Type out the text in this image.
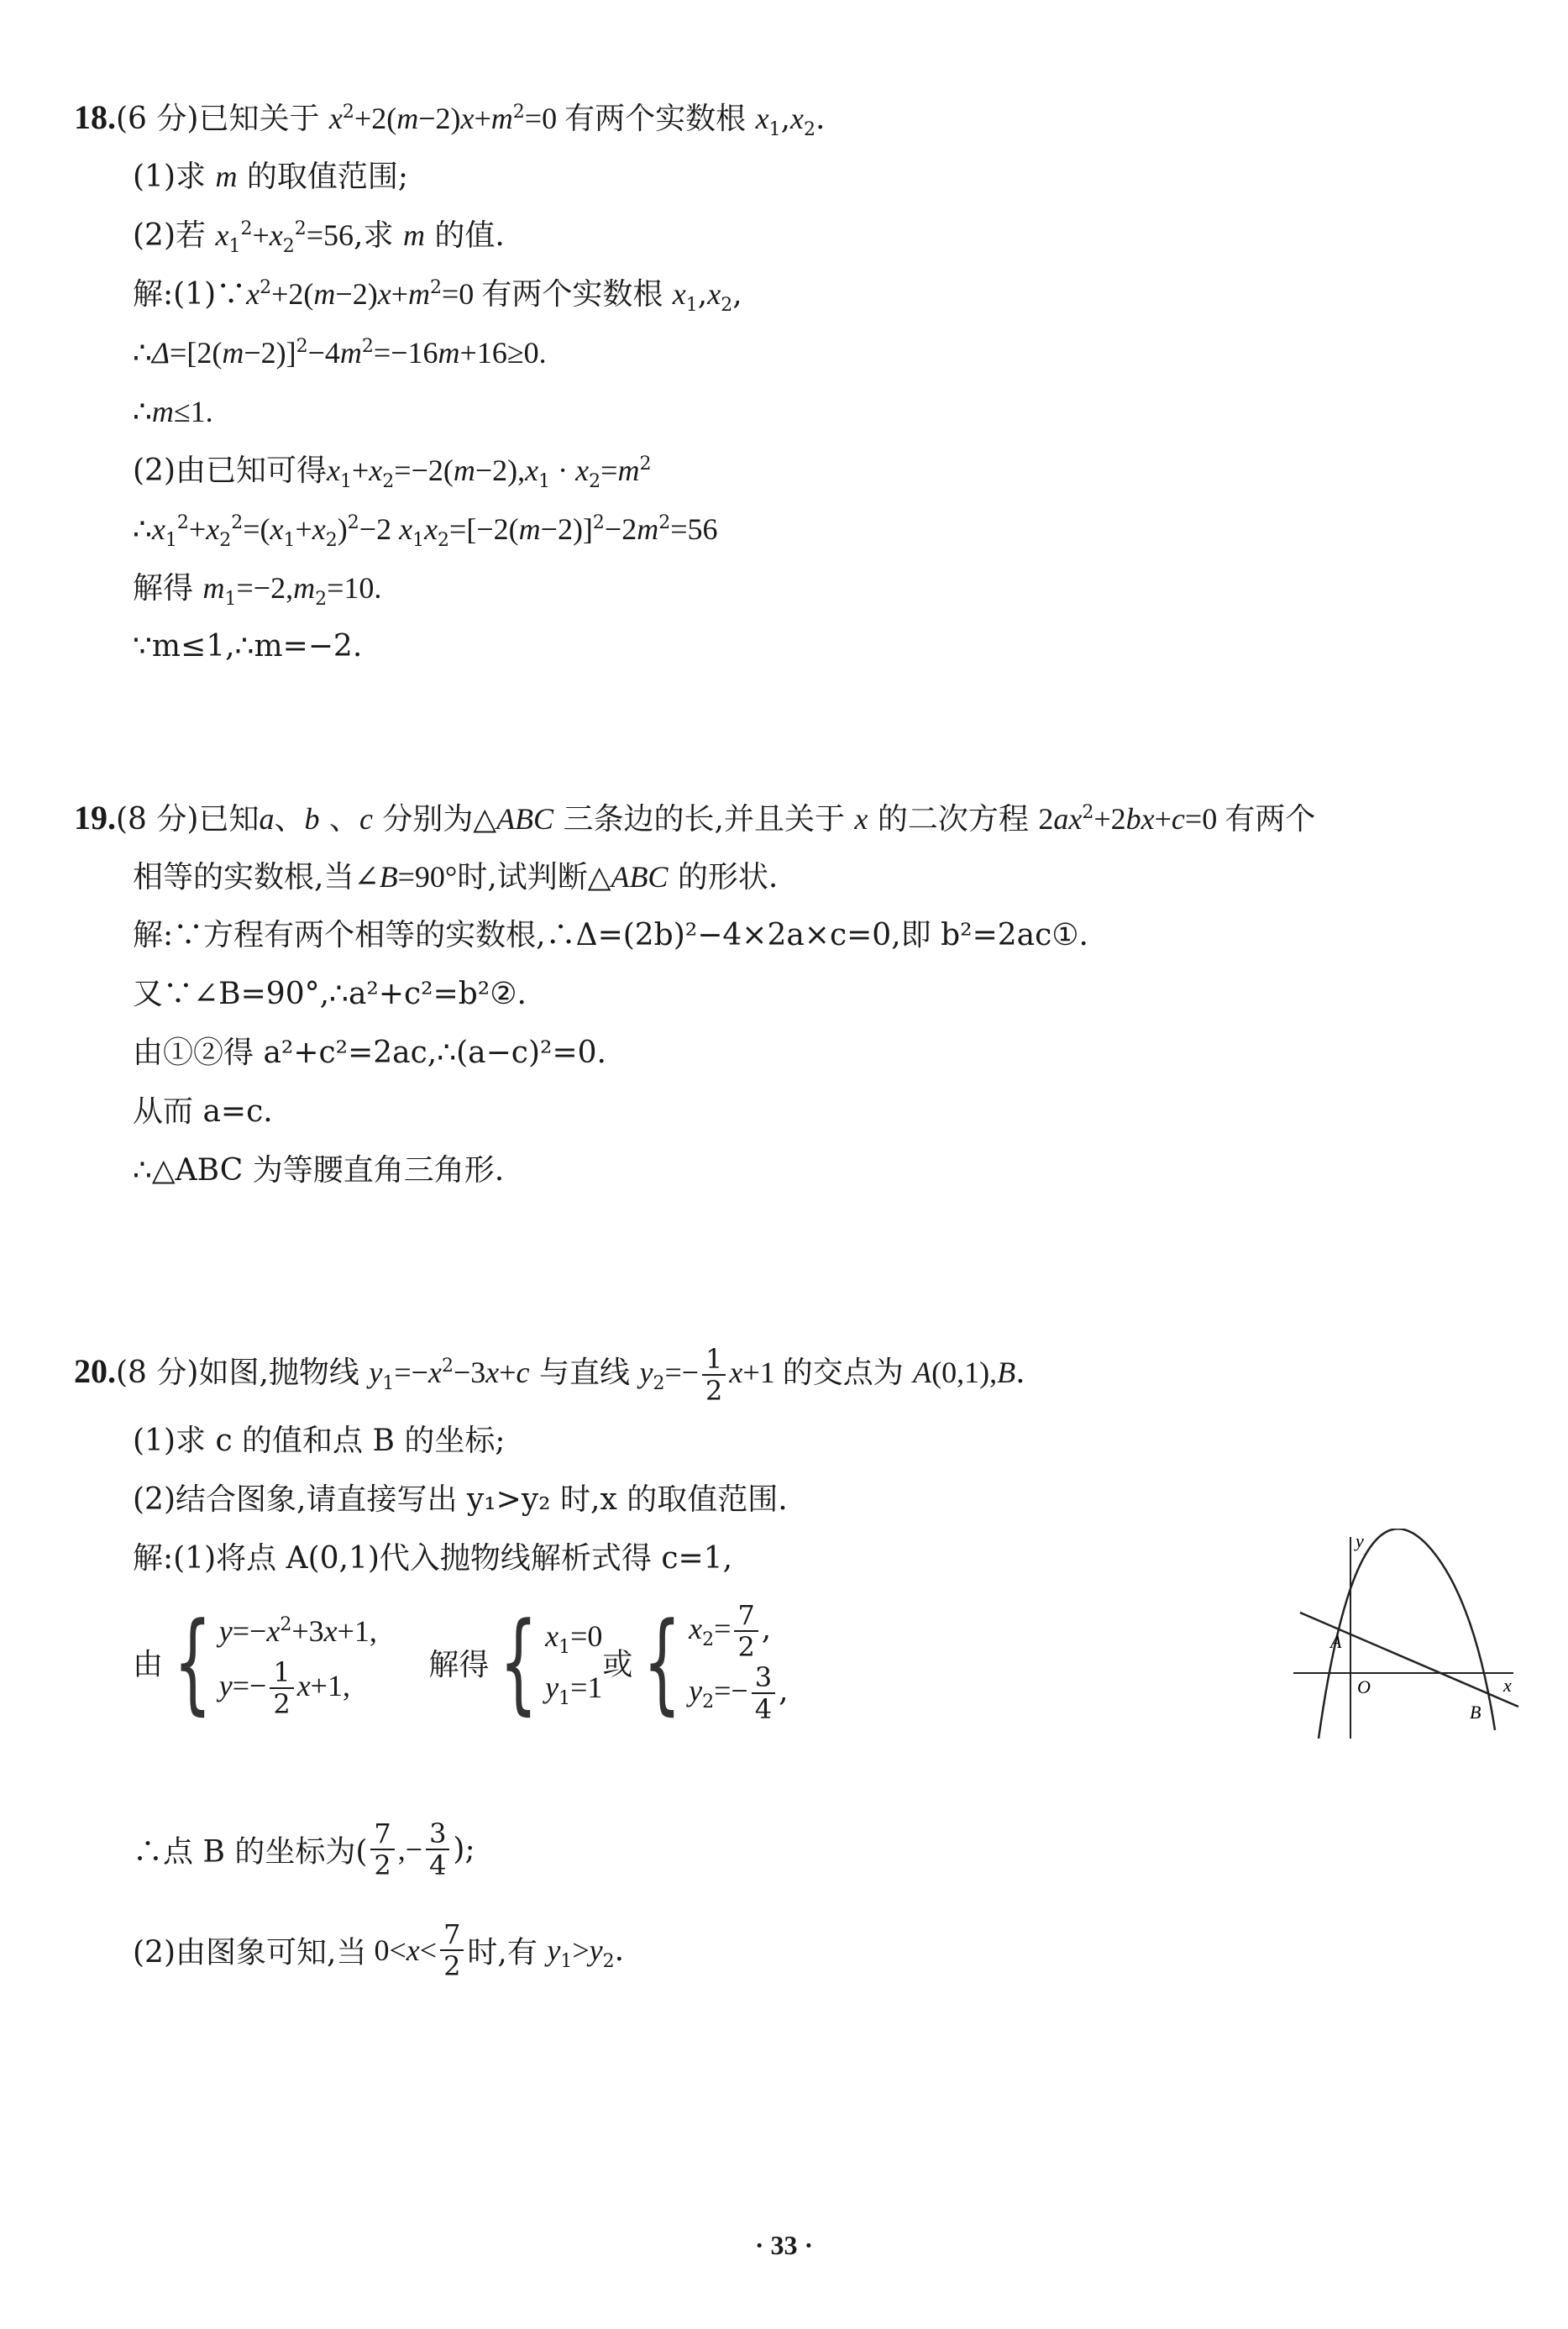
18.(6 分)已知关于 $x^2+2(m-2)x+m^2=0$ 有两个实数根 $x_1,x_2$.
(1)求 m 的取值范围;
(2)若 $x_1^2+x_2^2=56$,求 m 的值.
解$:(1)\because x^2+2(m-2)x+m^2=0$ 有两个实数根 $x_1,x_2$,
$\therefore\Delta=[2(m-2)]^2-4m^2=-16m+16\ge 0$.
∴m≤1.
(2)由已知可得$x_1+x_2=-2(m-2),x_1 \cdot x_2=m^2$
$\therefore x_1^2+x_2^2=(x_1+x_2)^2-2$ $x_1x_2=[-2(m-2)]^2-2m^2=56$
解得 $m_1=-2,m_2=10$.
∵m≤1,∴m=−2.
19.(8 分)已知a、b 、c 分别为△ABC 三条边的长,并且关于 x 的二次方程 $2ax^2+2bx+c=0$ 有两个
相等的实数根,当∠B=90°时,试判断△ABC 的形状.
解:∵方程有两个相等的实数根,∴Δ=(2b)²−4×2a×c=0,即 b²=2ac①.
又∵∠B=90°,∴a²+c²=b²②.
由①②得 a²+c²=2ac,∴(a−c)²=0.
从而 a=c.
∴△ABC 为等腰直角三角形.
20.(8 分)如图,抛物线 $y_1=-x^2-3x+c$ 与直线 $y_2=- \frac{1}{2} x+1$ 的交点为 A(0,1),B.
(1)求 c 的值和点 B 的坐标;
(2)结合图象,请直接写出 y₁>y₂ 时,x 的取值范围.
解:(1)将点 A(0,1)代入抛物线解析式得 c=1,
由{ $y=-x^2+3x+1$,
$y=- \frac{1}{2} x+1$,
解得{ $x_1=0$
$y_1=1$
或{ $x_2= \frac{7}{2}$ ,
$y_2=- \frac{3}{4}$ ,
∴点 B 的坐标为( $\frac{7}{2}$ ,− $\frac{3}{4}$ );
(2)由图象可知,当 $0<x< \frac{7}{2}$ 时,有 $y_1>y_2$.
y
x
A
O
B
· 33 ·
